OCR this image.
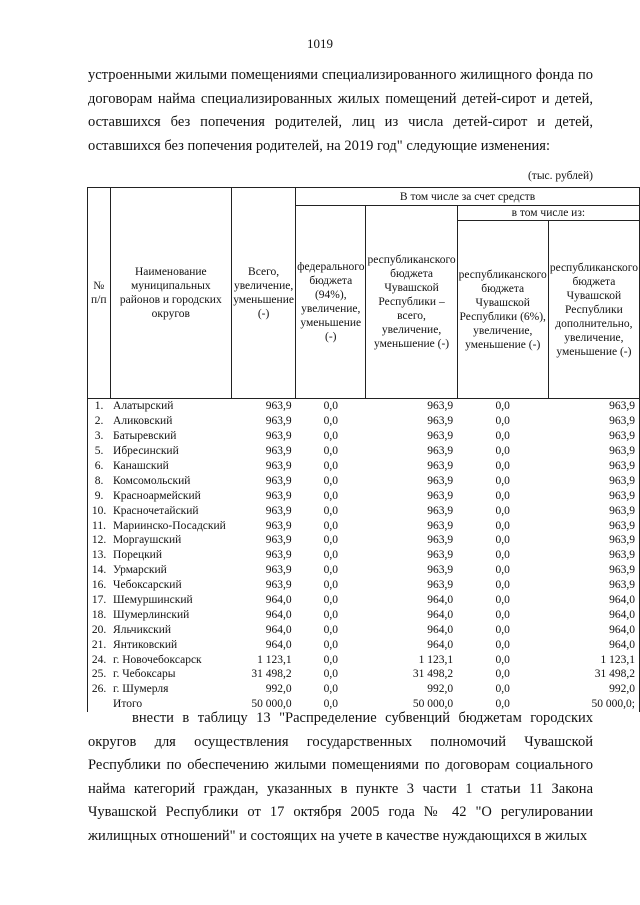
1019
устроенными жилыми помещениями специализированного жилищного фонда по договорам найма специализированных жилых помещений детей-сирот и детей, оставшихся без попечения родителей, лиц из числа детей-сирот и детей, оставшихся без попечения родителей, на 2019 год" следующие изменения:
(тыс. рублей)
№ п/п	Наименование муниципальных районов и городских округов	Всего, увеличение, уменьшение (-)	В том числе за счет средств			
			федерального бюджета (94%), увеличение, уменьшение (-)	республиканского бюджета Чувашской Республики – всего, увеличение, уменьшение (-)	в том числе из:	
					республиканского бюджета Чувашской Республики (6%), увеличение, уменьшение (-)	республиканского бюджета Чувашской Республики дополнительно, увеличение, уменьшение (-)
1.	Алатырский	963,9	0,0	963,9	0,0	963,9
2.	Аликовский	963,9	0,0	963,9	0,0	963,9
3.	Батыревский	963,9	0,0	963,9	0,0	963,9
5.	Ибресинский	963,9	0,0	963,9	0,0	963,9
6.	Канашский	963,9	0,0	963,9	0,0	963,9
8.	Комсомольский	963,9	0,0	963,9	0,0	963,9
9.	Красноармейский	963,9	0,0	963,9	0,0	963,9
10.	Красночетайский	963,9	0,0	963,9	0,0	963,9
11.	Мариинско-Посадский	963,9	0,0	963,9	0,0	963,9
12.	Моргаушский	963,9	0,0	963,9	0,0	963,9
13.	Порецкий	963,9	0,0	963,9	0,0	963,9
14.	Урмарский	963,9	0,0	963,9	0,0	963,9
16.	Чебоксарский	963,9	0,0	963,9	0,0	963,9
17.	Шемуршинский	964,0	0,0	964,0	0,0	964,0
18.	Шумерлинский	964,0	0,0	964,0	0,0	964,0
20.	Яльчикский	964,0	0,0	964,0	0,0	964,0
21.	Янтиковский	964,0	0,0	964,0	0,0	964,0
24.	г. Новочебоксарск	1 123,1	0,0	1 123,1	0,0	1 123,1
25.	г. Чебоксары	31 498,2	0,0	31 498,2	0,0	31 498,2
26.	г. Шумерля	992,0	0,0	992,0	0,0	992,0
	Итого	50 000,0	0,0	50 000,0	0,0	50 000,0;
внести в таблицу 13 "Распределение субвенций бюджетам городских округов для осуществления государственных полномочий Чувашской Республики по обеспечению жилыми помещениями по договорам социального найма категорий граждан, указанных в пункте 3 части 1 статьи 11 Закона Чувашской Республики от 17 октября 2005 года № 42 "О регулировании жилищных отношений" и состоящих на учете в качестве нуждающихся в жилых
